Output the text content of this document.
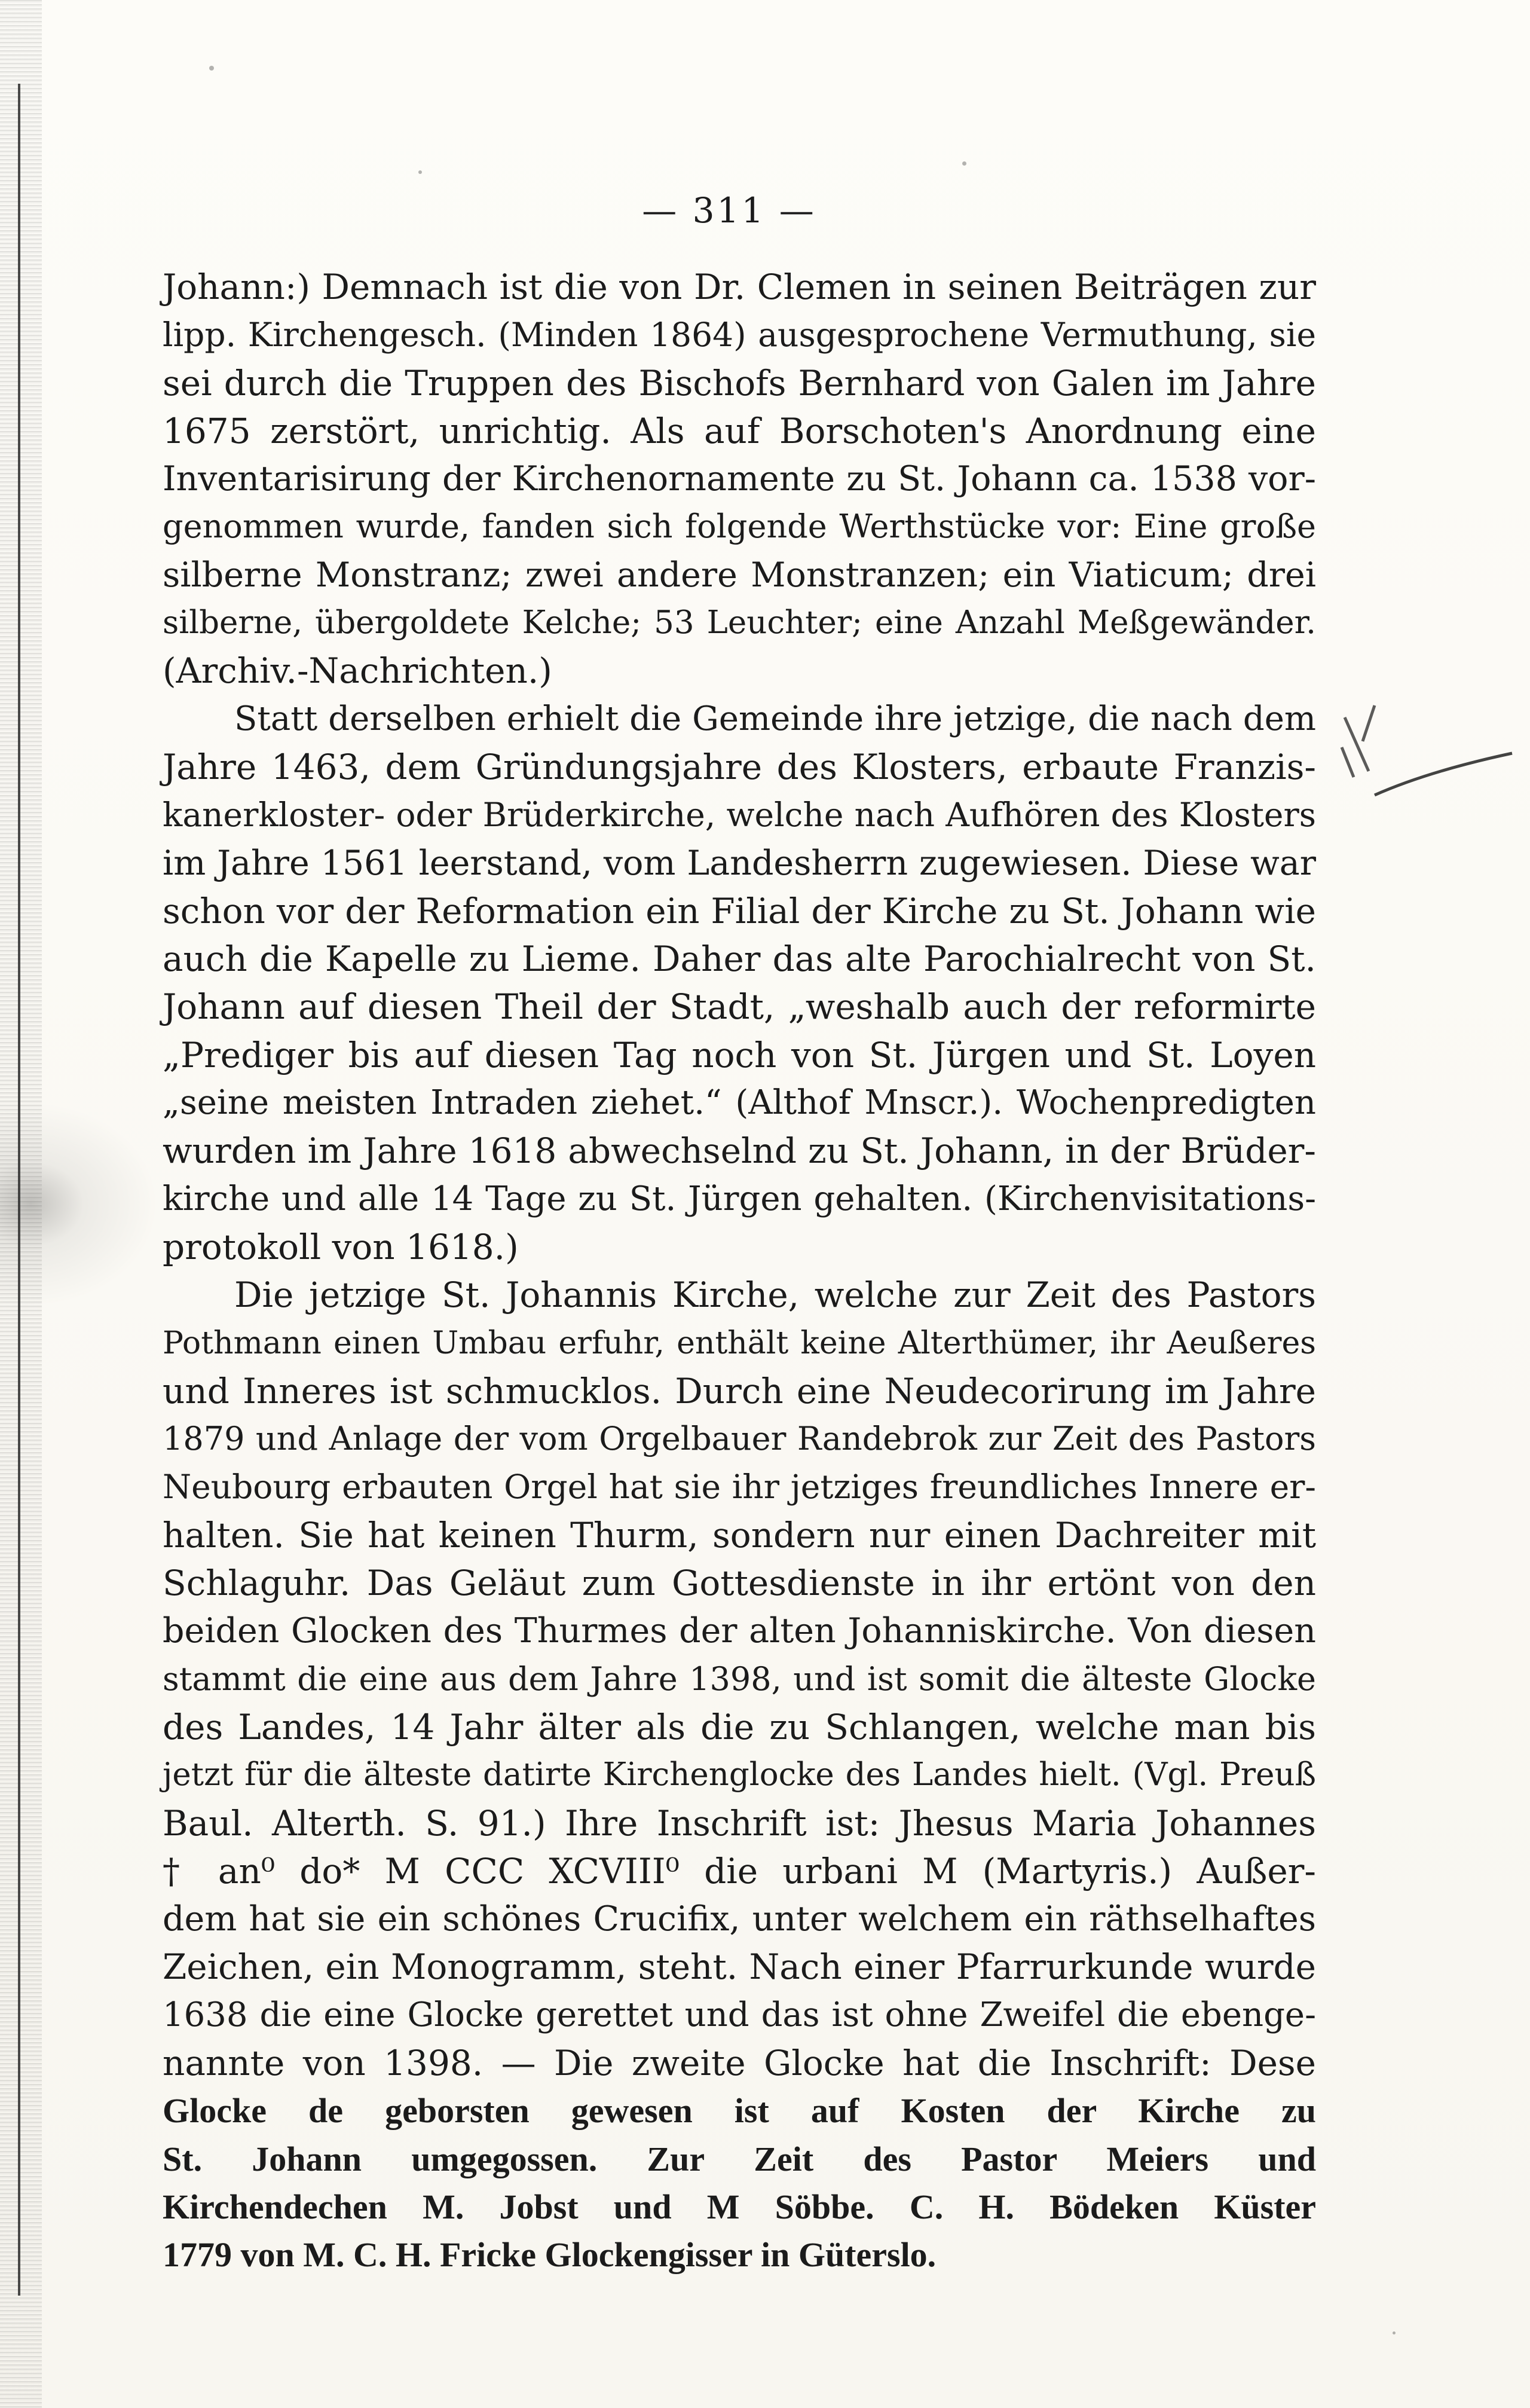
— 311 —
Johann:) Demnach ist die von Dr. Clemen in seinen Beiträgen zur
lipp. Kirchengesch. (Minden 1864) ausgesprochene Vermuthung, sie
sei durch die Truppen des Bischofs Bernhard von Galen im Jahre
1675 zerstört, unrichtig. Als auf Borschoten's Anordnung eine
Inventarisirung der Kirchenornamente zu St. Johann ca. 1538 vor-
genommen wurde, fanden sich folgende Werthstücke vor: Eine große
silberne Monstranz; zwei andere Monstranzen; ein Viaticum; drei
silberne, übergoldete Kelche; 53 Leuchter; eine Anzahl Meßgewänder.
(Archiv.-Nachrichten.)
Statt derselben erhielt die Gemeinde ihre jetzige, die nach dem
Jahre 1463, dem Gründungsjahre des Klosters, erbaute Franzis-
kanerkloster- oder Brüderkirche, welche nach Aufhören des Klosters
im Jahre 1561 leerstand, vom Landesherrn zugewiesen. Diese war
schon vor der Reformation ein Filial der Kirche zu St. Johann wie
auch die Kapelle zu Lieme. Daher das alte Parochialrecht von St.
Johann auf diesen Theil der Stadt, „weshalb auch der reformirte
„Prediger bis auf diesen Tag noch von St. Jürgen und St. Loyen
„seine meisten Intraden ziehet.“ (Althof Mnscr.). Wochenpredigten
wurden im Jahre 1618 abwechselnd zu St. Johann, in der Brüder-
kirche und alle 14 Tage zu St. Jürgen gehalten. (Kirchenvisitations-
protokoll von 1618.)
Die jetzige St. Johannis Kirche, welche zur Zeit des Pastors
Pothmann einen Umbau erfuhr, enthält keine Alterthümer, ihr Aeußeres
und Inneres ist schmucklos. Durch eine Neudecorirung im Jahre
1879 und Anlage der vom Orgelbauer Randebrok zur Zeit des Pastors
Neubourg erbauten Orgel hat sie ihr jetziges freundliches Innere er-
halten. Sie hat keinen Thurm, sondern nur einen Dachreiter mit
Schlaguhr. Das Geläut zum Gottesdienste in ihr ertönt von den
beiden Glocken des Thurmes der alten Johanniskirche. Von diesen
stammt die eine aus dem Jahre 1398, und ist somit die älteste Glocke
des Landes, 14 Jahr älter als die zu Schlangen, welche man bis
jetzt für die älteste datirte Kirchenglocke des Landes hielt. (Vgl. Preuß
Baul. Alterth. S. 91.) Ihre Inschrift ist: Jhesus Maria Johannes
† an⁰ do* M CCC XCVIII⁰ die urbani M (Martyris.) Außer-
dem hat sie ein schönes Crucifix, unter welchem ein räthselhaftes
Zeichen, ein Monogramm, steht. Nach einer Pfarrurkunde wurde
1638 die eine Glocke gerettet und das ist ohne Zweifel die ebenge-
nannte von 1398. — Die zweite Glocke hat die Inschrift: Dese
Glocke de geborsten gewesen ist auf Kosten der Kirche zu
St. Johann umgegossen. Zur Zeit des Pastor Meiers und
Kirchendechen M. Jobst und M Söbbe. C. H. Bödeken Küster
1779 von M. C. H. Fricke Glockengisser in Güterslo.
